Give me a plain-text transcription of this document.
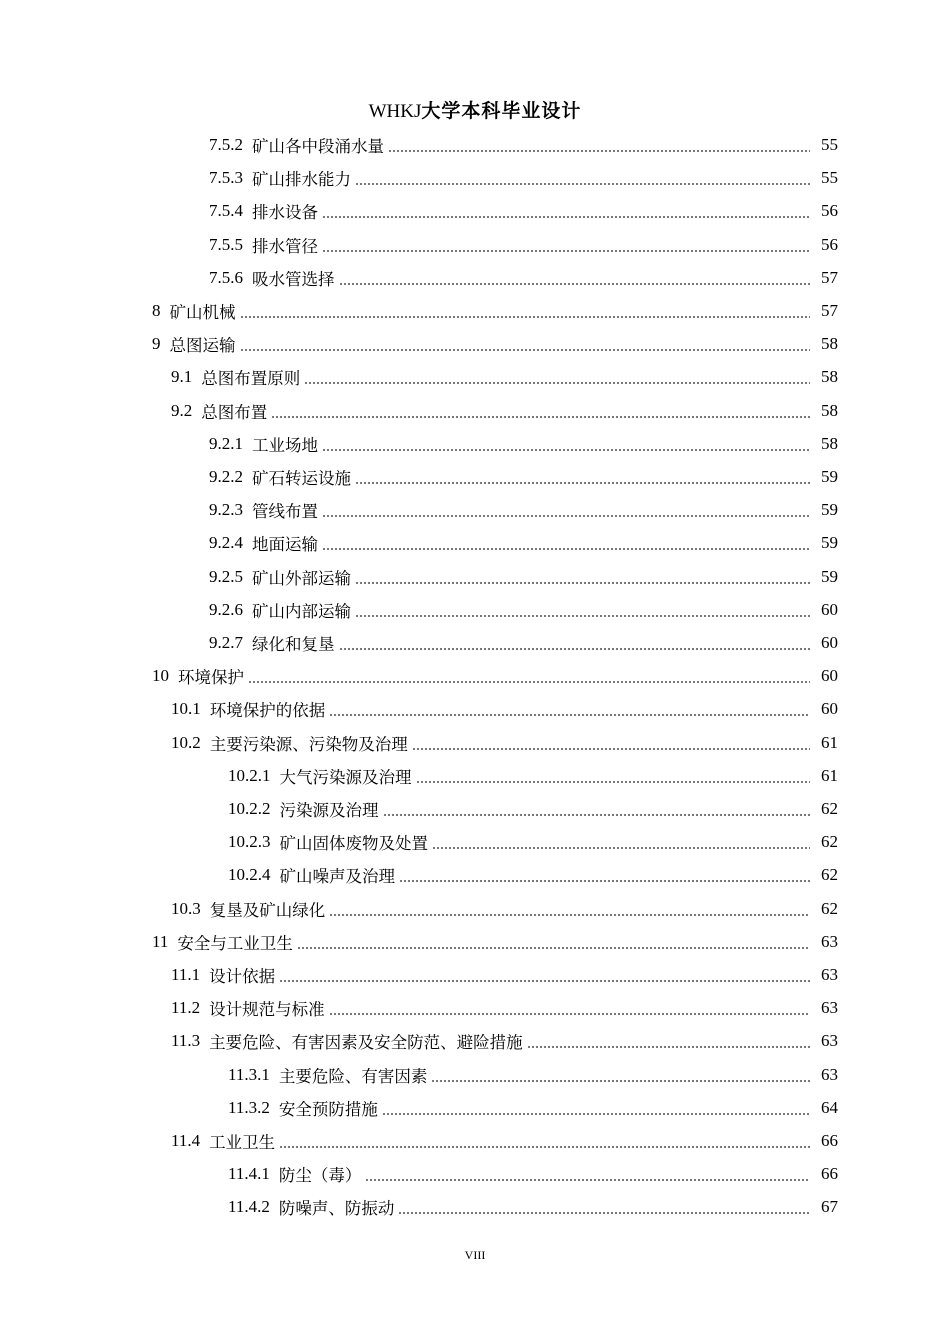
WHKJ大学本科毕业设计
7.5.2 矿山各中段涌水量	55
7.5.3 矿山排水能力	55
7.5.4 排水设备	56
7.5.5 排水管径	56
7.5.6 吸水管选择	57
8 矿山机械	57
9 总图运输	58
9.1 总图布置原则	58
9.2 总图布置	58
9.2.1 工业场地	58
9.2.2 矿石转运设施	59
9.2.3 管线布置	59
9.2.4 地面运输	59
9.2.5 矿山外部运输	59
9.2.6 矿山内部运输	60
9.2.7 绿化和复垦	60
10 环境保护	60
10.1 环境保护的依据	60
10.2 主要污染源、污染物及治理	61
10.2.1 大气污染源及治理	61
10.2.2 污染源及治理	62
10.2.3 矿山固体废物及处置	62
10.2.4 矿山噪声及治理	62
10.3 复垦及矿山绿化	62
11 安全与工业卫生	63
11.1 设计依据	63
11.2 设计规范与标准	63
11.3 主要危险、有害因素及安全防范、避险措施	63
11.3.1 主要危险、有害因素	63
11.3.2 安全预防措施	64
11.4 工业卫生	66
11.4.1 防尘（毒）	66
11.4.2 防噪声、防振动	67
VIII
